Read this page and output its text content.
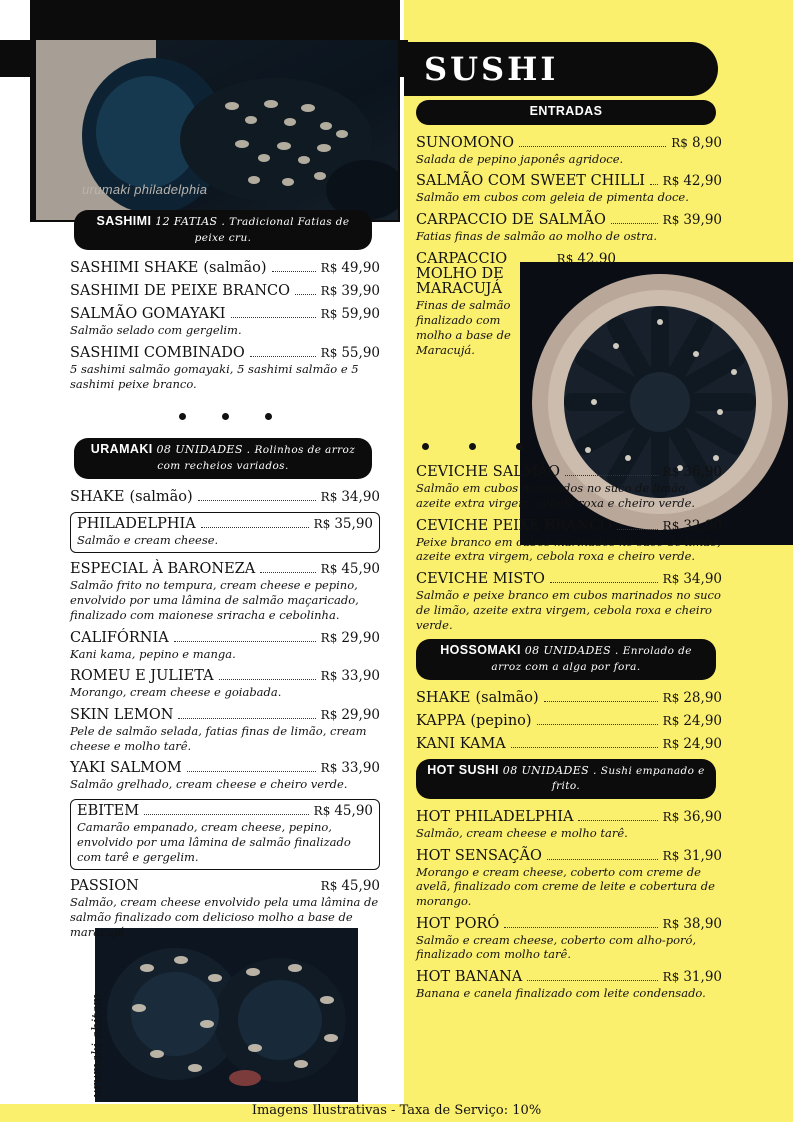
urumaki philadelphia
SUSHI
urumaki ebitem
SASHIMI 12 FATIAS . Tradicional Fatias de peixe cru.
SASHIMI SHAKE (salmão)	R$ 49,90
SASHIMI DE PEIXE BRANCO	R$ 39,90
SALMÃO GOMAYAKI	R$ 59,90
Salmão selado com gergelim.
SASHIMI COMBINADO	R$ 55,90
5 sashimi salmão gomayaki, 5 sashimi salmão e 5 sashimi peixe branco.
URAMAKI 08 UNIDADES . Rolinhos de arroz com recheios variados.
SHAKE (salmão)	R$ 34,90
PHILADELPHIA	R$ 35,90
Salmão e cream cheese.
ESPECIAL À BARONEZA	R$ 45,90
Salmão frito no tempura, cream cheese e pepino, envolvido por uma lâmina de salmão maçaricado, finalizado com maionese sriracha e cebolinha.
CALIFÓRNIA	R$ 29,90
Kani kama, pepino e manga.
ROMEU E JULIETA	R$ 33,90
Morango, cream cheese e goiabada.
SKIN LEMON	R$ 29,90
Pele de salmão selada, fatias finas de limão, cream cheese e molho tarê.
YAKI SALMOM	R$ 33,90
Salmão grelhado, cream cheese e cheiro verde.
EBITEM	R$ 45,90
Camarão empanado, cream cheese, pepino, envolvido por uma lâmina de salmão finalizado com tarê e gergelim.
PASSION	R$ 45,90
Salmão, cream cheese envolvido pela uma lâmina de salmão finalizado com delicioso molho a base de maracujá
ENTRADAS
SUNOMONO	R$ 8,90
Salada de pepino japonês agridoce.
SALMÃO COM SWEET CHILLI R$ 42,90
Salmão em cubos com geleia de pimenta doce.
CARPACCIO DE SALMÃO	R$ 39,90
Fatias finas de salmão ao molho de ostra.
CARPACCIO MOLHO DE MARACUJÁ
R$ 42,90
Finas de salmão finalizado com molho a base de Maracujá.
CEVICHE SALMÃO	R$ 36,90
Salmão em cubos marinados no suco de limão, azeite extra virgem, cebola roxa e cheiro verde.
CEVICHE PEIXE BRANCO	R$ 32,90
Peixe branco em cubos marinados no suco de limão, azeite extra virgem, cebola roxa e cheiro verde.
CEVICHE MISTO	R$ 34,90
Salmão e peixe branco em cubos marinados no suco de limão, azeite extra virgem, cebola roxa e cheiro verde.
HOSSOMAKI 08 UNIDADES . Enrolado de arroz com a alga por fora.
SHAKE (salmão)	R$ 28,90
KAPPA (pepino)	R$ 24,90
KANI KAMA	R$ 24,90
HOT SUSHI 08 UNIDADES . Sushi empanado e frito.
HOT PHILADELPHIA	R$ 36,90
Salmão, cream cheese e molho tarê.
HOT SENSAÇÃO	R$ 31,90
Morango e cream cheese, coberto com creme de avelã, finalizado com creme de leite e cobertura de morango.
HOT PORÓ	R$ 38,90
Salmão e cream cheese, coberto com alho-poró, finalizado com molho tarê.
HOT BANANA	R$ 31,90
Banana e canela finalizado com leite condensado.
Imagens Ilustrativas - Taxa de Serviço: 10%
